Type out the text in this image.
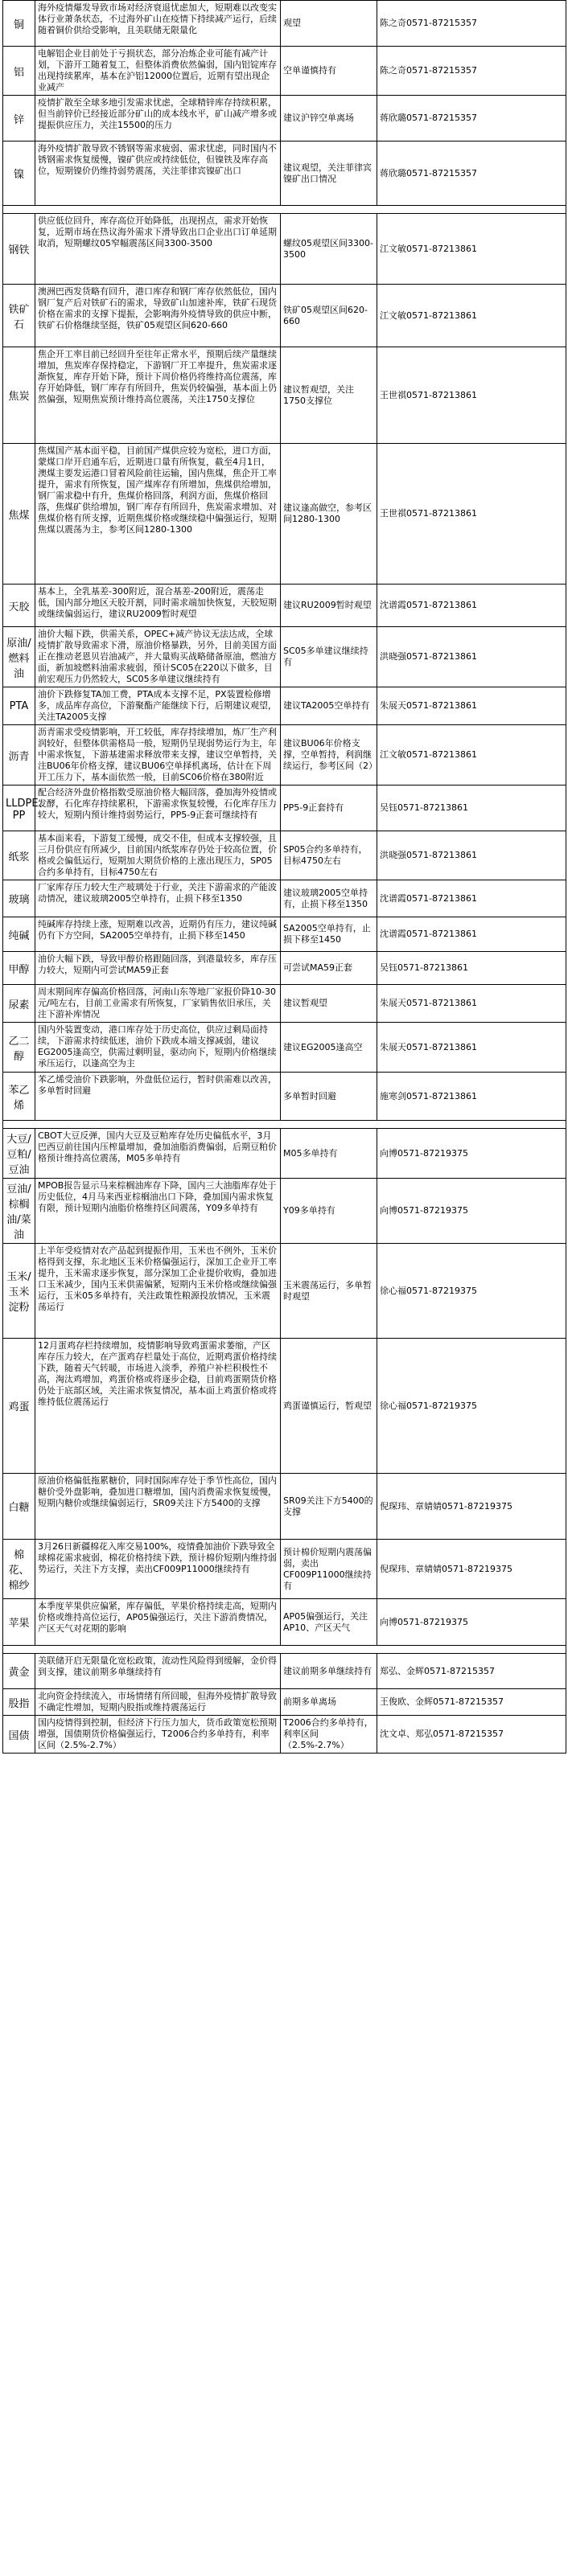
铜	海外疫情爆发导致市场对经济衰退忧虑加大，短期难以改变实体行业萧条状态，不过海外矿山在疫情下持续减产运行，后续随着铜价供给受影响，且美联储无限量化	观望	陈之奇0571-87215357
铝	电解铝企业目前处于亏损状态，部分冶炼企业可能有减产计划，下游开工随着复工，但整体消费依然偏弱，国内铝锭库存出现持续累库，基本在沪铝12000位置后，近期有望出现企业减产	空单谨慎持有	陈之奇0571-87215357
锌	疫情扩散至全球多地引发需求忧虑，全球精锌库存持续积累，但当前锌价已经接近部分矿山的成本线水平，矿山减产增多或提振供应压力，关注15500的压力	建议沪锌空单离场	蒋欣璐0571-87215357
镍	海外疫情扩散导致不锈钢等需求疲弱、需求忧虑，同时国内不锈钢需求恢复缓慢，镍矿供应或持续低位，但镍铁及库存高位，短期镍价仍维持弱势震荡，关注菲律宾镍矿出口	建议观望，关注菲律宾镍矿出口情况	蒋欣璐0571-87215357

钢铁	供应低位回升，库存高位开始降低，出现拐点，需求开始恢复，近期市场在热议海外需求下滑导致出口企业出口订单延期取消，短期螺纹05窄幅震荡区间3300-3500	螺纹05观望区间3300-3500	江文敏0571-87213861
铁矿石	澳洲巴西发货略有回升，港口库存和钢厂库存依然低位，国内钢厂复产后对铁矿石的需求，导致矿山加速补库，铁矿石现货价格在需求的支撑下提振，会影响海外疫情导致的供应中断，铁矿石价格继续坚挺，铁矿05观望区间620-660	铁矿05观望区间620-660	江文敏0571-87213861
焦炭	焦企开工率目前已经回升至往年正常水平，预期后续产量继续增加，焦炭库存保持稳定，下游钢厂开工率提升，焦炭需求逐渐恢复，库存开始下降，预计下周价格仍将维持高位震荡，库存开始降低，钢厂库存有所回升，焦炭仍较偏强，基本面上仍然偏强，短期焦炭预计维持高位震荡，关注1750支撑位	建议暂观望，关注1750支撑位	王世祺0571-87213861
焦煤	焦煤国产基本面平稳，目前国产煤供应较为宽松，进口方面，蒙煤口岸开启通车后，近期进口量有所恢复，截至4月1日，澳煤主要发运港口冒着风险前往运输，国内焦煤，焦企开工率提升，需求有所恢复，国产煤库存有所增加，焦煤供给增加，钢厂需求稳中有升，焦煤价格回落，利润方面，焦煤价格回落，焦煤矿供给增加，钢厂库存有所回升，焦炭需求增加、对焦煤价格有所支撑，近期焦煤价格或继续稳中偏强运行，短期焦煤以震荡为主，参考区间1280-1300	建议逢高做空，参考区间1280-1300	王世祺0571-87213861
天胶	基本上，全乳基差-300附近，混合基差-200附近，震荡走低，国内部分地区天胶开割，同时需求端加快恢复，天胶短期或继续偏弱运行，建议RU2009暂时观望	建议RU2009暂时观望	沈谱霞0571-87213861
原油/燃料油	油价大幅下跌，供需关系，OPEC+减产协议无法达成，全球疫情扩散导致需求下滑，原油价格暴跌，另外，目前美国方面正在推动老恩贝岩油减产，并大量购买战略储备原油，燃油方面，新加坡燃料油需求疲弱，预计SC05在220以下做多，目前宏观压力仍然较大，SC05多单建议继续持有	SC05多单建议继续持有	洪晓强0571-87213861
PTA	油价下跌修复TA加工费，PTA成本支撑不足，PX装置检修增多，成品库存高位，下游聚酯产能继续下行，后期建议观望，关注TA2005支撑	建议TA2005空单持有	朱展天0571-87213861
沥青	沥青需求受疫情影响，开工较低，库存持续增加，炼厂生产利润较好，但整体供需格局一般，短期仍呈现弱势运行为主，年中需求恢复，下游基建需求释放带来支撑，建议空单暂持，关注BU06年价格支撑，建议BU06空单择机离场，估计在下周开工压力下，基本面依然一般，目前SC06价格在380附近	建议BU06年价格支撑，空单暂持，利润继续运行，参考区间（2）	江文敏0571-87213861
LLDPE、PP	配合经济外盘价格指数受原油价格大幅回落，叠加海外疫情或发酵，石化库存持续累积，下游需求恢复较慢，石化库存压力较大，短期内预计维持弱势运行，PP5-9正套可继续持有	PP5-9正套持有	吴钰0571-87213861
纸浆	基本面来看，下游复工缓慢，成交不佳，但成本支撑较强，且三月份供应有所减少，目前国内纸浆库存仍处于较高位置，价格或会偏低运行，短期加大期货价格的上涨出现压力，SP05合约多单持有，目标4750左右	SP05合约多单持有，目标4750左右	洪晓强0571-87213861
玻璃	厂家库存压力较大生产玻璃处于行业，关注下游需求的产能波动情况，建议玻璃2005空单持有，止损下移至1350	建议玻璃2005空单持有，止损下移至1350	沈谱霞0571-87213861
纯碱	纯碱库存持续上涨，短期难以改善，近期仍有压力，建议纯碱仍有下方空间，SA2005空单持有，止损下移至1450	SA2005空单持有，止损下移至1450	沈谱霞0571-87213861
甲醇	油价大幅下跌，导致甲醇价格跟随回落，到港量较多，库存压力较大，短期内可尝试MA59正套	可尝试MA59正套	吴钰0571-87213861
尿素	周末期间库存偏高价格回落，河南山东等地厂家报价降10-30元/吨左右，目前工业需求有所恢复，厂家销售依旧承压，关注下游补库情况	建议暂观望	朱展天0571-87213861
乙二醇	国内外装置变动，港口库存处于历史高位，供应过剩局面持续，下游需求持续低迷，油价下跌成本端支撑减弱，建议EG2005逢高空，供需过剩明显，驱动向下，短期内价格继续承压运行，以逢高空为主	建议EG2005逢高空	朱展天0571-87213861
苯乙烯	苯乙烯受油价下跌影响，外盘低位运行，暂时供需难以改善，多单暂时回避	多单暂时回避	施寒剑0571-87213861

大豆/豆粕/豆油	CBOT大豆反弹，国内大豆及豆粕库存处历史偏低水平，3月巴西豆前往国内压榨量增加，叠加油脂消费偏弱，后期豆粕价格预计维持高位震荡，M05多单持有	M05多单持有	向博0571-87219375
豆油/棕榈油/菜油	MPOB报告显示马来棕榈油库存下降，国内三大油脂库存处于历史低位，4月马来西亚棕榈油出口下降，叠加国内需求恢复有限，预计短期内油脂价格维持区间震荡，Y09多单持有	Y09多单持有	向博0571-87219375
玉米/玉米淀粉	上半年受疫情对农产品起到提振作用，玉米也不例外，玉米价格得到支撑，东北地区玉米价格偏强运行，深加工企业开工率提升，玉米需求逐步恢复，部分深加工企业提价收购，叠加进口玉米减少，国内玉米供需偏紧，短期内玉米价格或继续偏强运行，玉米05多单持有，关注政策性粮源投放情况，玉米震荡运行	玉米震荡运行，多单暂时观望	徐心福0571-87219375
鸡蛋	12月蛋鸡存栏持续增加，疫情影响导致鸡蛋需求萎缩，产区库存压力较大，在产蛋鸡存栏量处于高位，近期鸡蛋价格持续下跌，随着天气转暖，市场进入淡季，养殖户补栏积极性不高，淘汰鸡增加，鸡蛋价格或将逐步企稳，目前鸡蛋期货价格仍处于底部区域，关注需求恢复情况，基本面上鸡蛋价格或将维持低位震荡运行	鸡蛋谨慎运行，暂观望	徐心福0571-87219375
白糖	原油价格偏低拖累糖价，同时国际库存处于季节性高位，国内糖价受外盘影响，叠加进口糖增加，国内消费需求恢复缓慢，短期内糖价或继续偏弱运行，SR09关注下方5400的支撑	SR09关注下方5400的支撑	倪琛玮、章婧婧0571-87219375
棉花、棉纱	3月26日新疆棉花入库交易100%，疫情叠加油价下跌导致全球棉花需求疲弱，棉花价格持续下跌，预计棉价短期内维持弱势运行，关注下方支撑，卖出CF009P11000继续持有	预计棉价短期内震荡偏弱，卖出CF009P11000继续持有	倪琛玮、章婧婧0571-87219375
苹果	本季度苹果供应偏紧，库存偏低，苹果价格持续走高，短期内价格或维持高位运行，AP05偏强运行，关注下游消费情况，产区天气对花期的影响	AP05偏强运行，关注AP10、产区天气	向博0571-87219375

黄金	美联储开启无限量化宽松政策，流动性风险得到缓解，金价得到支撑，建议前期多单继续持有	建议前期多单继续持有	郑弘、金辉0571-87215357
股指	北向资金持续流入，市场情绪有所回暖，但海外疫情扩散导致不确定性增加，短期内股指或维持震荡运行	前期多单离场	王俊欧、金辉0571-87215357
国债	国内疫情得到控制，但经济下行压力加大，货币政策宽松预期增强，国债期货价格偏强运行，T2006合约多单持有，利率区间（2.5%-2.7%）	T2006合约多单持有，利率区间（2.5%-2.7%）	沈文卓、郑弘0571-87215357
